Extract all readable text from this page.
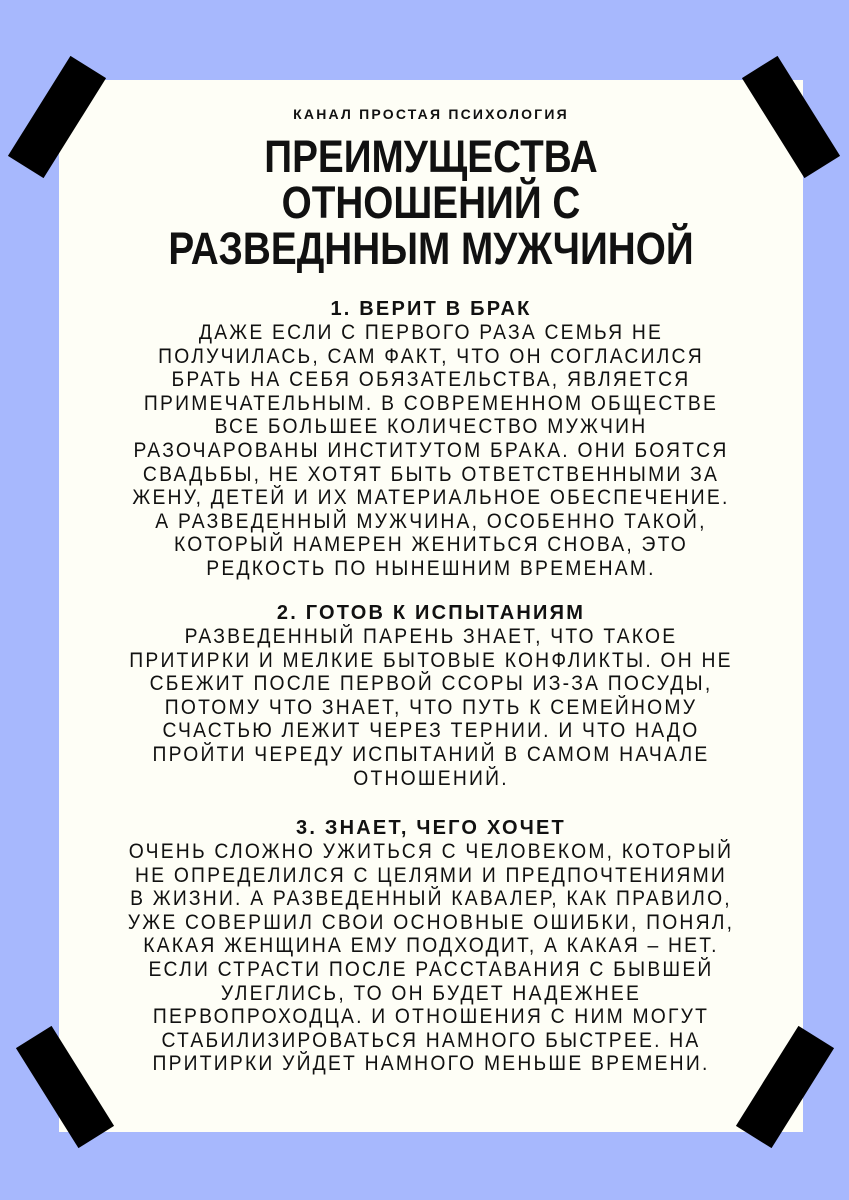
КАНАЛ ПРОСТАЯ ПСИХОЛОГИЯ
ПРЕИМУЩЕСТВА
ОТНОШЕНИЙ С
РАЗВЕДННЫМ МУЖЧИНОЙ
1. ВЕРИТ В БРАК
ДАЖЕ ЕСЛИ С ПЕРВОГО РАЗА СЕМЬЯ НЕ
ПОЛУЧИЛАСЬ, САМ ФАКТ, ЧТО ОН СОГЛАСИЛСЯ
БРАТЬ НА СЕБЯ ОБЯЗАТЕЛЬСТВА, ЯВЛЯЕТСЯ
ПРИМЕЧАТЕЛЬНЫМ. В СОВРЕМЕННОМ ОБЩЕСТВЕ
ВСЕ БОЛЬШЕЕ КОЛИЧЕСТВО МУЖЧИН
РАЗОЧАРОВАНЫ ИНСТИТУТОМ БРАКА. ОНИ БОЯТСЯ
СВАДЬБЫ, НЕ ХОТЯТ БЫТЬ ОТВЕТСТВЕННЫМИ ЗА
ЖЕНУ, ДЕТЕЙ И ИХ МАТЕРИАЛЬНОЕ ОБЕСПЕЧЕНИЕ.
А РАЗВЕДЕННЫЙ МУЖЧИНА, ОСОБЕННО ТАКОЙ,
КОТОРЫЙ НАМЕРЕН ЖЕНИТЬСЯ СНОВА, ЭТО
РЕДКОСТЬ ПО НЫНЕШНИМ ВРЕМЕНАМ.
2. ГОТОВ К ИСПЫТАНИЯМ
РАЗВЕДЕННЫЙ ПАРЕНЬ ЗНАЕТ, ЧТО ТАКОЕ
ПРИТИРКИ И МЕЛКИЕ БЫТОВЫЕ КОНФЛИКТЫ. ОН НЕ
СБЕЖИТ ПОСЛЕ ПЕРВОЙ ССОРЫ ИЗ-ЗА ПОСУДЫ,
ПОТОМУ ЧТО ЗНАЕТ, ЧТО ПУТЬ К СЕМЕЙНОМУ
СЧАСТЬЮ ЛЕЖИТ ЧЕРЕЗ ТЕРНИИ. И ЧТО НАДО
ПРОЙТИ ЧЕРЕДУ ИСПЫТАНИЙ В САМОМ НАЧАЛЕ
ОТНОШЕНИЙ.
3. ЗНАЕТ, ЧЕГО ХОЧЕТ
ОЧЕНЬ СЛОЖНО УЖИТЬСЯ С ЧЕЛОВЕКОМ, КОТОРЫЙ
НЕ ОПРЕДЕЛИЛСЯ С ЦЕЛЯМИ И ПРЕДПОЧТЕНИЯМИ
В ЖИЗНИ. А РАЗВЕДЕННЫЙ КАВАЛЕР, КАК ПРАВИЛО,
УЖЕ СОВЕРШИЛ СВОИ ОСНОВНЫЕ ОШИБКИ, ПОНЯЛ,
КАКАЯ ЖЕНЩИНА ЕМУ ПОДХОДИТ, А КАКАЯ – НЕТ.
ЕСЛИ СТРАСТИ ПОСЛЕ РАССТАВАНИЯ С БЫВШЕЙ
УЛЕГЛИСЬ, ТО ОН БУДЕТ НАДЕЖНЕЕ
ПЕРВОПРОХОДЦА. И ОТНОШЕНИЯ С НИМ МОГУТ
СТАБИЛИЗИРОВАТЬСЯ НАМНОГО БЫСТРЕЕ. НА
ПРИТИРКИ УЙДЕТ НАМНОГО МЕНЬШЕ ВРЕМЕНИ.
